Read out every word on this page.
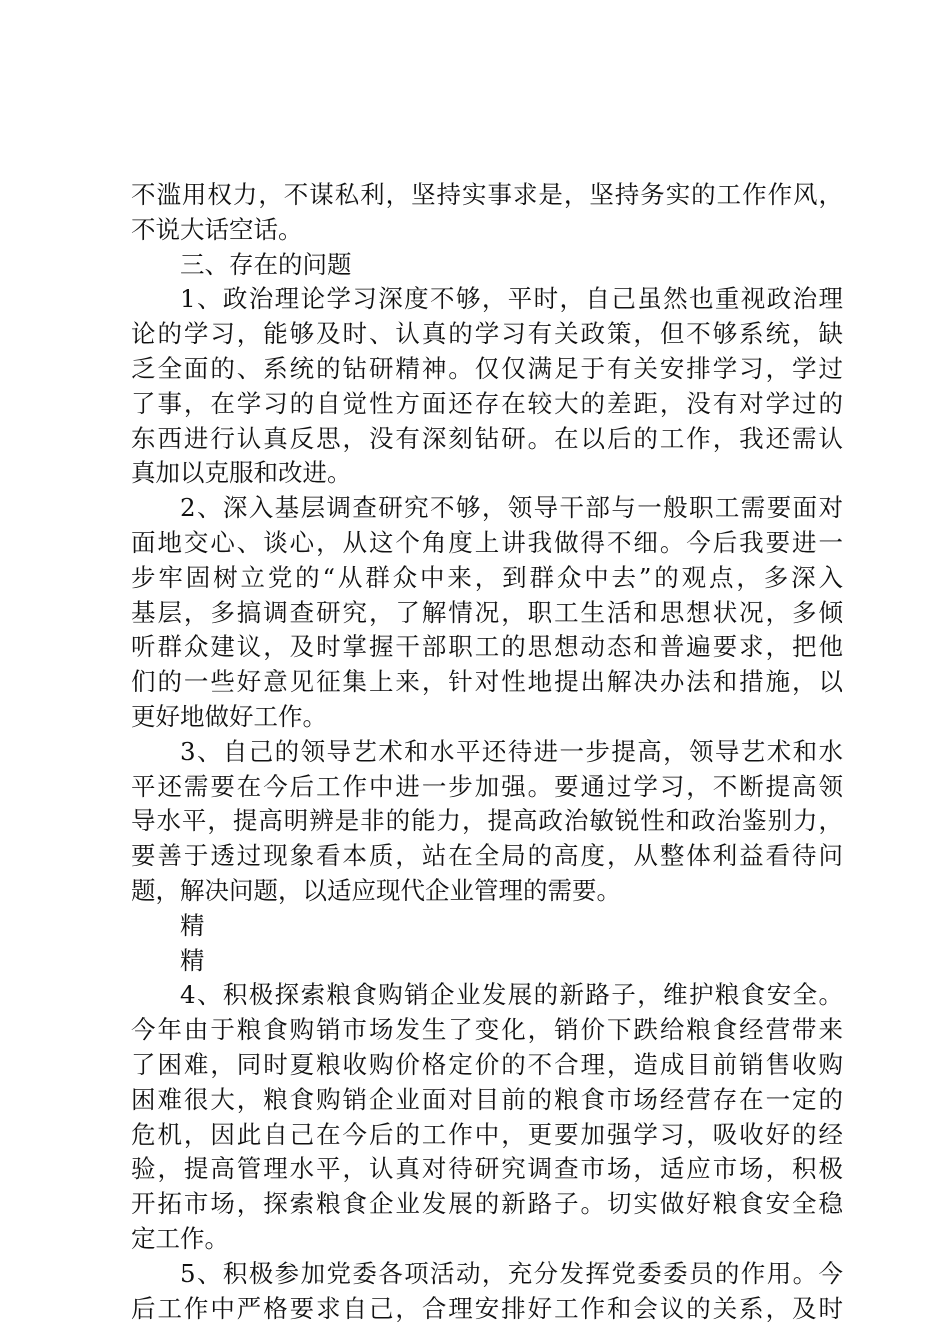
不滥用权力，不谋私利，坚持实事求是，坚持务实的工作作风，
不说大话空话。
三、存在的问题
1、政治理论学习深度不够，平时，自己虽然也重视政治理
论的学习，能够及时、认真的学习有关政策，但不够系统，缺
乏全面的、系统的钻研精神。仅仅满足于有关安排学习，学过
了事，在学习的自觉性方面还存在较大的差距，没有对学过的
东西进行认真反思，没有深刻钻研。在以后的工作，我还需认
真加以克服和改进。
2、深入基层调查研究不够，领导干部与一般职工需要面对
面地交心、谈心，从这个角度上讲我做得不细。今后我要进一
步牢固树立党的“从群众中来，到群众中去”的观点，多深入
基层，多搞调查研究，了解情况，职工生活和思想状况，多倾
听群众建议，及时掌握干部职工的思想动态和普遍要求，把他
们的一些好意见征集上来，针对性地提出解决办法和措施，以
更好地做好工作。
3、自己的领导艺术和水平还待进一步提高，领导艺术和水
平还需要在今后工作中进一步加强。要通过学习，不断提高领
导水平，提高明辨是非的能力，提高政治敏锐性和政治鉴别力，
要善于透过现象看本质，站在全局的高度，从整体利益看待问
题，解决问题，以适应现代企业管理的需要。
精
精
4、积极探索粮食购销企业发展的新路子，维护粮食安全。
今年由于粮食购销市场发生了变化，销价下跌给粮食经营带来
了困难，同时夏粮收购价格定价的不合理，造成目前销售收购
困难很大，粮食购销企业面对目前的粮食市场经营存在一定的
危机，因此自己在今后的工作中，更要加强学习，吸收好的经
验，提高管理水平，认真对待研究调查市场，适应市场，积极
开拓市场，探索粮食企业发展的新路子。切实做好粮食安全稳
定工作。
5、积极参加党委各项活动，充分发挥党委委员的作用。今
后工作中严格要求自己，合理安排好工作和会议的关系，及时
